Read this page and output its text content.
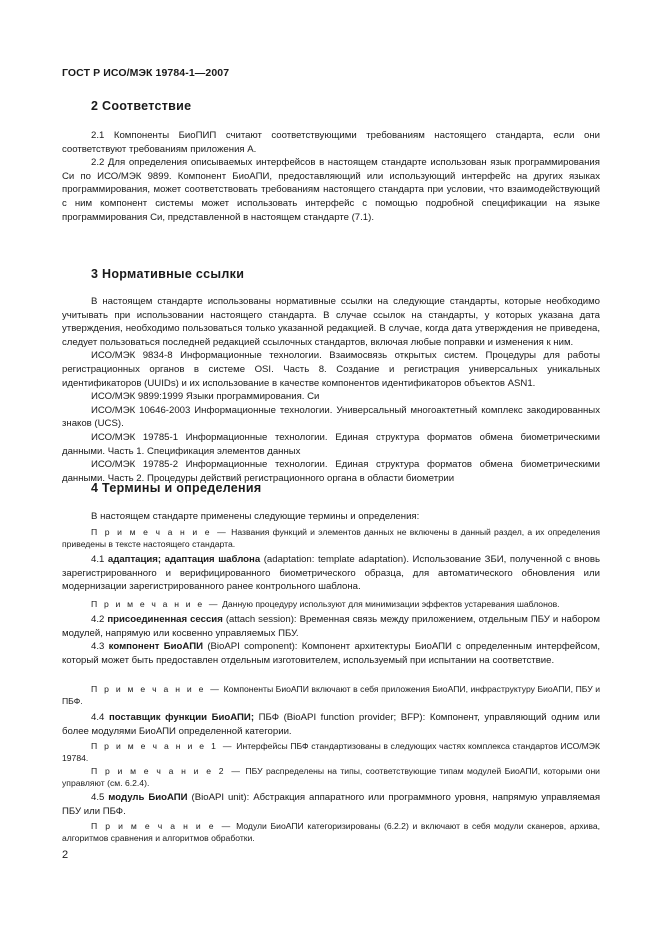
ГОСТ Р ИСО/МЭК 19784-1—2007
2 Соответствие

2.1 Компоненты БиоПИП считают соответствующими требованиям настоящего стандарта, если они соответствуют требованиям приложения А.

2.2 Для определения описываемых интерфейсов в настоящем стандарте использован язык программирования Си по ИСО/МЭК 9899. Компонент БиоАПИ, предоставляющий или использующий интерфейс на других языках программирования, может соответствовать требованиям настоящего стандарта при условии, что взаимодействующий с ним компонент системы может использовать интерфейс с помощью подробной спецификации на языке программирования Си, представленной в настоящем стандарте (7.1).

3 Нормативные ссылки

В настоящем стандарте использованы нормативные ссылки на следующие стандарты, которые необходимо учитывать при использовании настоящего стандарта. В случае ссылок на стандарты, у которых указана дата утверждения, необходимо пользоваться только указанной редакцией. В случае, когда дата утверждения не приведена, следует пользоваться последней редакцией ссылочных стандартов, включая любые поправки и изменения к ним.

ИСО/МЭК 9834-8 Информационные технологии. Взаимосвязь открытых систем. Процедуры для работы регистрационных органов в системе OSI. Часть 8. Создание и регистрация универсальных уникальных идентификаторов (UUIDs) и их использование в качестве компонентов идентификаторов объектов ASN1.

ИСО/МЭК 9899:1999 Языки программирования. Си

ИСО/МЭК 10646-2003 Информационные технологии. Универсальный многоактетный комплекс закодированных знаков (UCS).

ИСО/МЭК 19785-1 Информационные технологии. Единая структура форматов обмена биометрическими данными. Часть 1. Спецификация элементов данных

ИСО/МЭК 19785-2 Информационные технологии. Единая структура форматов обмена биометрическими данными. Часть 2. Процедуры действий регистрационного органа в области биометрии

4 Термины и определения

В настоящем стандарте применены следующие термины и определения:

П р и м е ч а н и е — Названия функций и элементов данных не включены в данный раздел, а их определения приведены в тексте настоящего стандарта.

4.1 адаптация; адаптация шаблона (adaptation: template adaptation). Использование ЗБИ, полученной с вновь зарегистрированного и верифицированного биометрического образца, для автоматического обновления или модернизации зарегистрированного ранее контрольного шаблона.

П р и м е ч а н и е — Данную процедуру используют для минимизации эффектов устаревания шаблонов.

4.2 присоединенная сессия (attach session): Временная связь между приложением, отдельным ПБУ и набором модулей, напрямую или косвенно управляемых ПБУ.

4.3 компонент БиоАПИ (BioAPI component): Компонент архитектуры БиоАПИ с определенным интерфейсом, который может быть предоставлен отдельным изготовителем, используемый при испытании на соответствие.

П р и м е ч а н и е — Компоненты БиоАПИ включают в себя приложения БиоАПИ, инфраструктуру БиоАПИ, ПБУ и ПБФ.

4.4 поставщик функции БиоАПИ; ПБФ (BioAPI function provider; BFP): Компонент, управляющий одним или более модулями БиоАПИ определенной категории.

П р и м е ч а н и е 1 — Интерфейсы ПБФ стандартизованы в следующих частях комплекса стандартов ИСО/МЭК 19784.

П р и м е ч а н и е 2 — ПБУ распределены на типы, соответствующие типам модулей БиоАПИ, которыми они управляют (см. 6.2.4).

4.5 модуль БиоАПИ (BioAPI unit): Абстракция аппаратного или программного уровня, напрямую управляемая ПБУ или ПБФ.

П р и м е ч а н и е — Модули БиоАПИ категоризированы (6.2.2) и включают в себя модули сканеров, архива, алгоритмов сравнения и алгоритмов обработки.

2
